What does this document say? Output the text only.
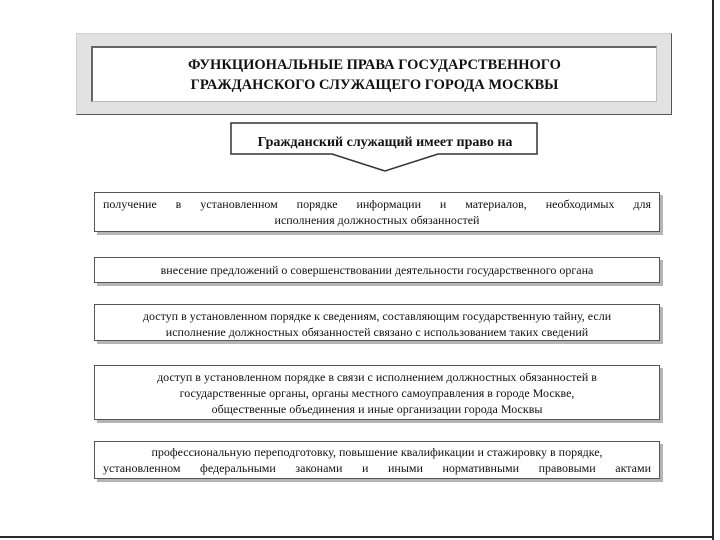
ФУНКЦИОНАЛЬНЫЕ ПРАВА ГОСУДАРСТВЕННОГО
ГРАЖДАНСКОГО СЛУЖАЩЕГО ГОРОДА МОСКВЫ
Гражданский служащий имеет право на
получение в установленном порядке информации и материалов, необходимых для
исполнения должностных обязанностей
внесение предложений о совершенствовании деятельности государственного органа
доступ в установленном порядке к сведениям, составляющим государственную тайну, если
исполнение должностных обязанностей связано с использованием таких сведений
доступ в установленном порядке в связи с исполнением должностных обязанностей в
государственные органы, органы местного самоуправления в городе Москве,
общественные объединения и иные организации города Москвы
профессиональную переподготовку, повышение квалификации и стажировку в порядке,
установленном федеральными законами и иными нормативными правовыми актами
